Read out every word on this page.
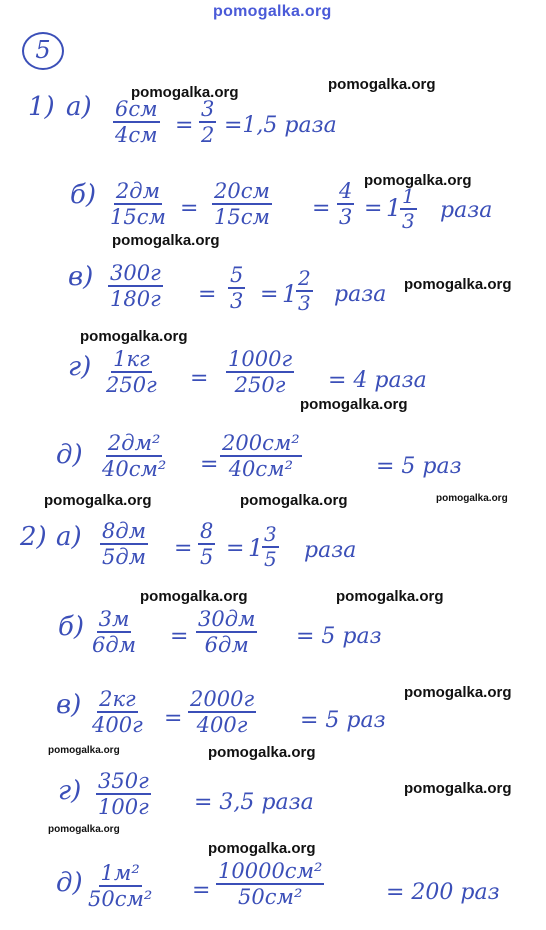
pomogalka.org
5
1) а) 6см
$4см = \frac{3}{2} =1,5$ раза
б) 2дм
15см =
20см
$15см = \frac{4}{3} = 1$
$\frac{1}{3}$ раза
в) 300г
$180г = \frac{5}{3} = 1$
$\frac{2}{3}$ раза
г) 1кг
250г =
1000г
250г = 4 раза
д) 2дм²
40см² =
200см²
40см²	= 5 раз
2) а) 8дм
$5дм = \frac{8}{5} = 1$
$\frac{3}{5}$ раза
б) 3м
6дм =
30дм
6дм = 5 раз
в) 2кг
400г =
2000г
400г = 5 раз
г) 350г
100г = 3,5 раза
д) 1м²
50см² =
10000см²
50см²	= 200 раз
pomogalka.org	pomogalka.org
pomogalka.org
pomogalka.org
pomogalka.org
pomogalka.org
pomogalka.org
pomogalka.org	pomogalka.org	pomogalka.org
pomogalka.org	pomogalka.org
pomogalka.org
pomogalka.org	pomogalka.org
pomogalka.org
pomogalka.org
pomogalka.org
